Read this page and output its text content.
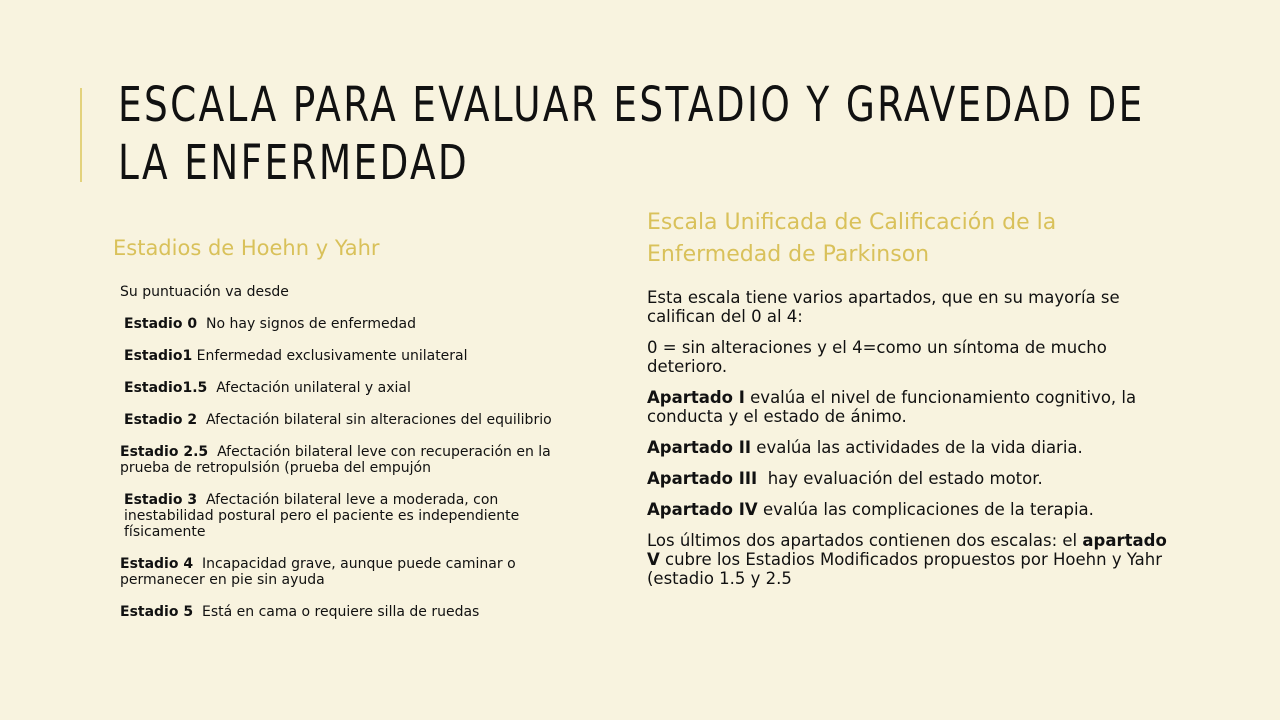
ESCALA PARA EVALUAR ESTADIO Y GRAVEDAD DE LA ENFERMEDAD
Estadios de Hoehn y Yahr
Escala Unificada de Calificación de la Enfermedad de Parkinson

Su puntuación va desde

Estadio 0 No hay signos de enfermedad

Estadio1 Enfermedad exclusivamente unilateral

Estadio1.5 Afectación unilateral y axial

Estadio 2 Afectación bilateral sin alteraciones del equilibrio

Estadio 2.5 Afectación bilateral leve con recuperación en la prueba de retropulsión (prueba del empujón

Estadio 3 Afectación bilateral leve a moderada, con inestabilidad postural pero el paciente es independiente físicamente

Estadio 4 Incapacidad grave, aunque puede caminar o permanecer en pie sin ayuda

Estadio 5 Está en cama o requiere silla de ruedas

Esta escala tiene varios apartados, que en su mayoría se califican del 0 al 4:

0 = sin alteraciones y el 4=como un síntoma de mucho deterioro.

Apartado I evalúa el nivel de funcionamiento cognitivo, la conducta y el estado de ánimo.

Apartado II evalúa las actividades de la vida diaria.

Apartado III hay evaluación del estado motor.

Apartado IV evalúa las complicaciones de la terapia.

Los últimos dos apartados contienen dos escalas: el apartado V cubre los Estadios Modificados propuestos por Hoehn y Yahr (estadio 1.5 y 2.5
